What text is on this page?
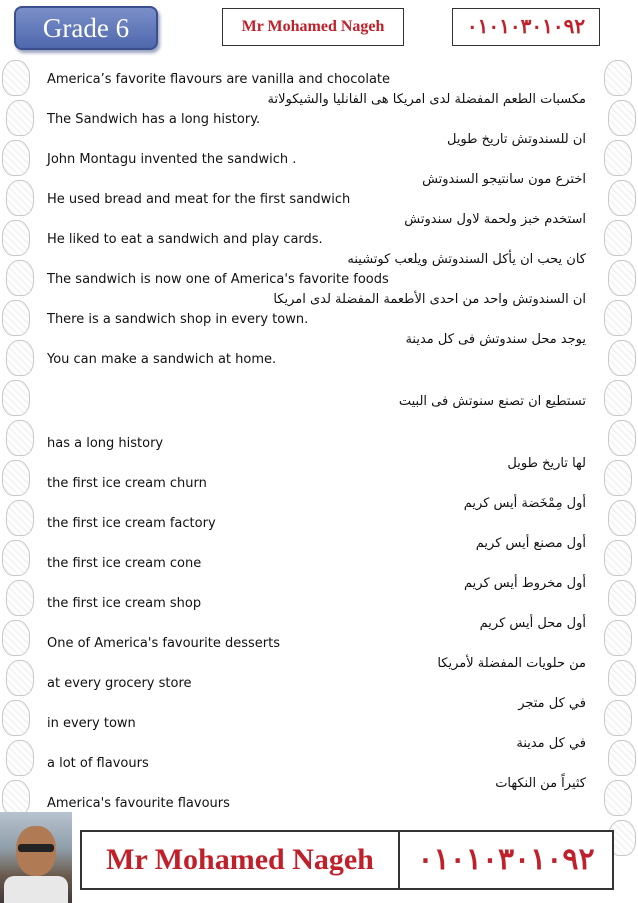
Grade 6	Mr Mohamed Nageh	٠١٠١٠٣٠١٠٩٢
America’s favorite flavours are vanilla and chocolate
مكسبات الطعم المفضلة لدى امريكا هى الفانليا والشيكولاتة
The Sandwich has a long history.
ان للسندوتش تاريخ طويل
John Montagu invented the sandwich .
اخترع مون سانتيجو السندوتش
He used bread and meat for the first sandwich
استخدم خبز ولحمة لاول سندوتش
He liked to eat a sandwich and play cards.
كان يحب ان يأكل السندوتش ويلعب كوتشينه
The sandwich is now one of America's favorite foods
ان السندوتش واحد من احدى الأطعمة المفضلة لدى امريكا
There is a sandwich shop in every town.
يوجد محل سندوتش فى كل مدينة
You can make a sandwich at home.
تستطيع ان تصنع سنوتش فى البيت
has a long history
لها تاريخ طويل
the first ice cream churn
أول مِمْخَضة أيس كريم
the first ice cream factory
أول مصنع أيس كريم
the first ice cream cone
أول مخروط أيس كريم
the first ice cream shop
أول محل أيس كريم
One of America's favourite desserts
من حلويات المفضلة لأمريكا
at every grocery store
في كل متجر
in every town
في كل مدينة
a lot of flavours
كثيراً من النكهات
America's favourite flavours
Mr Mohamed Nageh	٠١٠١٠٣٠١٠٩٢
